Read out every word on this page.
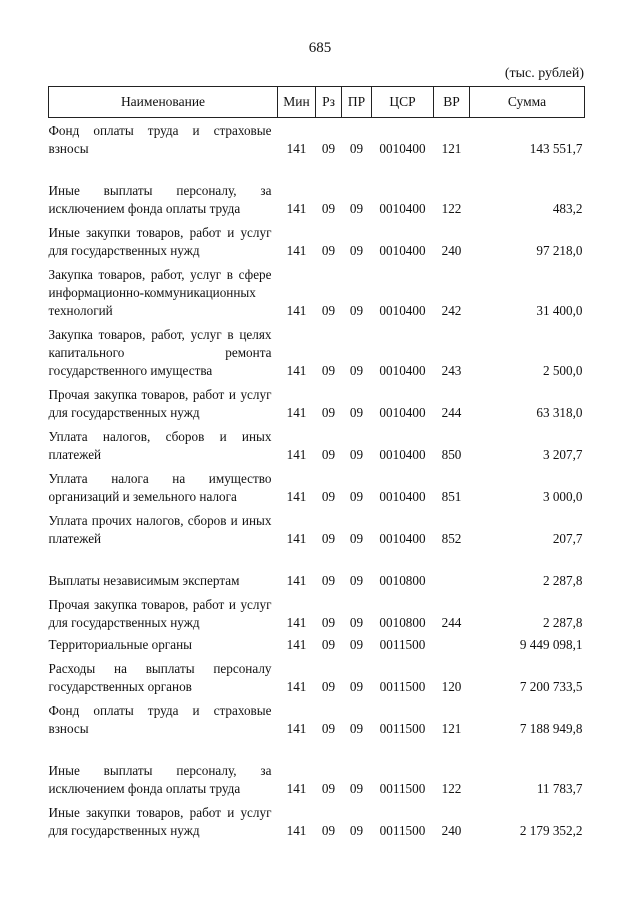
685
(тыс. рублей)
Наименование	Мин	Рз	ПР	ЦСР	ВР	Сумма

Фонд оплаты труда и страховые взносы	141	09	09	0010400	121	143 551,7

Иные выплаты персоналу, за исключением фонда оплаты труда	141	09	09	0010400	122	483,2

Иные закупки товаров, работ и услуг для государственных нужд	141	09	09	0010400	240	97 218,0

Закупка товаров, работ, услуг в сфере информационно-коммуникационных технологий	141	09	09	0010400	242	31 400,0

Закупка товаров, работ, услуг в целях капитального ремонта государственного имущества	141	09	09	0010400	243	2 500,0

Прочая закупка товаров, работ и услуг для государственных нужд	141	09	09	0010400	244	63 318,0

Уплата налогов, сборов и иных платежей	141	09	09	0010400	850	3 207,7

Уплата налога на имущество организаций и земельного налога	141	09	09	0010400	851	3 000,0

Уплата прочих налогов, сборов и иных платежей	141	09	09	0010400	852	207,7

Выплаты независимым экспертам	141	09	09	0010800		2 287,8

Прочая закупка товаров, работ и услуг для государственных нужд	141	09	09	0010800	244	2 287,8

Территориальные органы	141	09	09	0011500		9 449 098,1

Расходы на выплаты персоналу государственных органов	141	09	09	0011500	120	7 200 733,5

Фонд оплаты труда и страховые взносы	141	09	09	0011500	121	7 188 949,8

Иные выплаты персоналу, за исключением фонда оплаты труда	141	09	09	0011500	122	11 783,7

Иные закупки товаров, работ и услуг для государственных нужд	141	09	09	0011500	240	2 179 352,2
